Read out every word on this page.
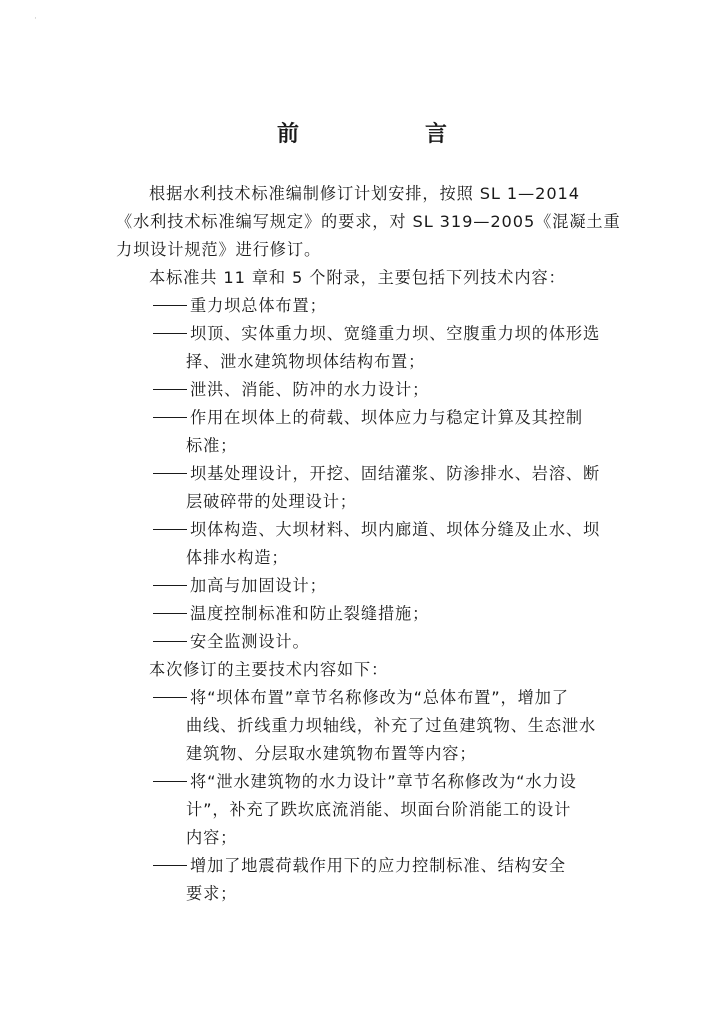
·
前　言

根据水利技术标准编制修订计划安排，按照 SL 1—2014

《水利技术标准编写规定》的要求，对 SL 319—2005《混凝土重

力坝设计规范》进行修订。

本标准共 11 章和 5 个附录，主要包括下列技术内容：

重力坝总体布置；

坝顶、实体重力坝、宽缝重力坝、空腹重力坝的体形选

择、泄水建筑物坝体结构布置；

泄洪、消能、防冲的水力设计；

作用在坝体上的荷载、坝体应力与稳定计算及其控制

标准；

坝基处理设计，开挖、固结灌浆、防渗排水、岩溶、断

层破碎带的处理设计；

坝体构造、大坝材料、坝内廊道、坝体分缝及止水、坝

体排水构造；

加高与加固设计；

温度控制标准和防止裂缝措施；

安全监测设计。

本次修订的主要技术内容如下：

将“坝体布置”章节名称修改为“总体布置”，增加了

曲线、折线重力坝轴线，补充了过鱼建筑物、生态泄水

建筑物、分层取水建筑物布置等内容；

将“泄水建筑物的水力设计”章节名称修改为“水力设

计”，补充了跌坎底流消能、坝面台阶消能工的设计

内容；

增加了地震荷载作用下的应力控制标准、结构安全

要求；
